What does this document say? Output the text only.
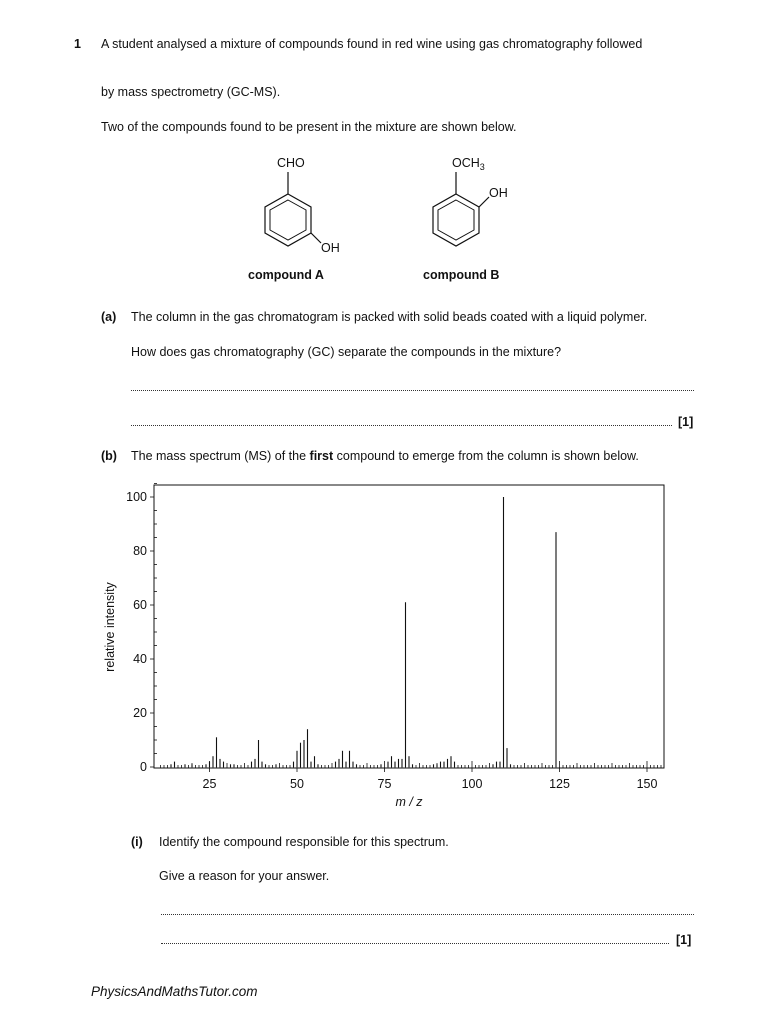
1 A student analysed a mixture of compounds found in red wine using gas chromatography followed
by mass spectrometry (GC-MS).
Two of the compounds found to be present in the mixture are shown below.
CHO
OH
compound A
$OCH_3$
OH
compound B
(a) The column in the gas chromatogram is packed with solid beads coated with a liquid polymer.
How does gas chromatography (GC) separate the compounds in the mixture?
[1]
(b) The mass spectrum (MS) of the first compound to emerge from the column is shown below.
25	50	75	100	125	150
0
20
40
60
80
100
relative intensity
m / z
(i) Identify the compound responsible for this spectrum.
Give a reason for your answer.
[1]
PhysicsAndMathsTutor.com
